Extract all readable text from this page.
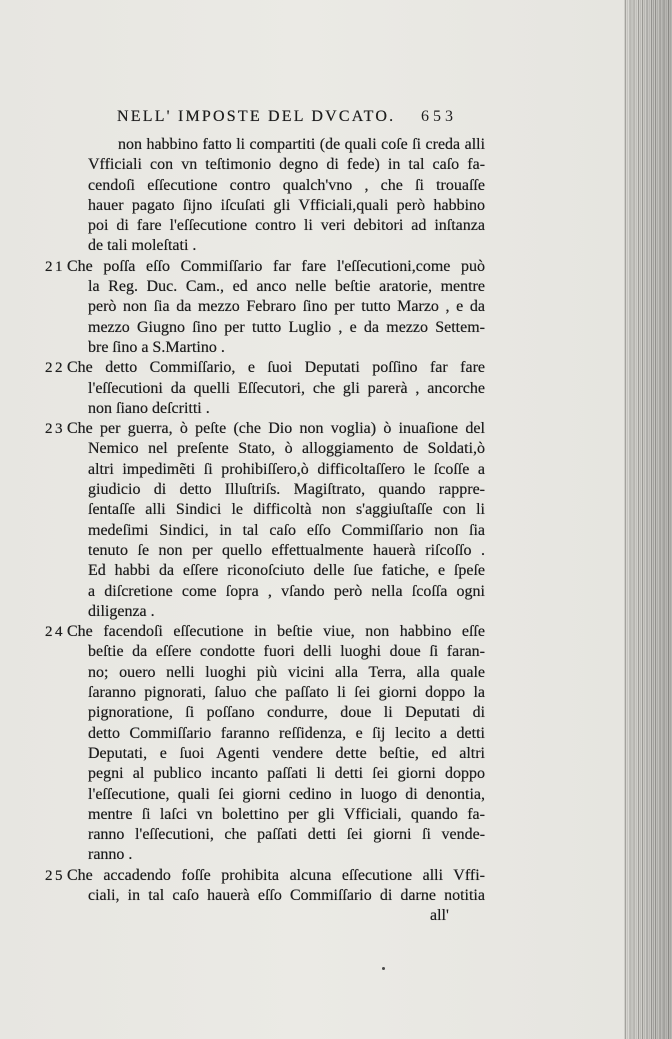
NELL' IMPOSTE DEL DVCATO. 653
non habbino fatto li compartiti (de quali coſe ſi creda alli
Vfficiali con vn teſtimonio degno di fede) in tal caſo fa-
cendoſi eſſecutione contro qualch'vno , che ſi trouaſſe
hauer pagato ſijno iſcuſati gli Vfficiali,quali però habbino
poi di fare l'eſſecutione contro li veri debitori ad inſtanza
de tali moleſtati .
21 Che poſſa eſſo Commiſſario far fare l'eſſecutioni,come può
la Reg. Duc. Cam., ed anco nelle beſtie aratorie, mentre
però non ſia da mezzo Febraro ſino per tutto Marzo , e da
mezzo Giugno ſino per tutto Luglio , e da mezzo Settem-
bre ſino a S.Martino .
22 Che detto Commiſſario, e ſuoi Deputati poſſino far fare
l'eſſecutioni da quelli Eſſecutori, che gli parerà , ancorche
non ſiano deſcritti .
23 Che per guerra, ò peſte (che Dio non voglia) ò inuaſione del
Nemico nel preſente Stato, ò alloggiamento de Soldati,ò
altri impedimẽti ſi prohibiſſero,ò difficoltaſſero le ſcoſſe a
giudicio di detto Illuſtriſs. Magiſtrato, quando rappre-
ſentaſſe alli Sindici le difficoltà non s'aggiuſtaſſe con li
medeſimi Sindici, in tal caſo eſſo Commiſſario non ſia
tenuto ſe non per quello effettualmente hauerà riſcoſſo .
Ed habbi da eſſere riconoſciuto delle ſue fatiche, e ſpeſe
a diſcretione come ſopra , vſando però nella ſcoſſa ogni
diligenza .
24 Che facendoſi eſſecutione in beſtie viue, non habbino eſſe
beſtie da eſſere condotte fuori delli luoghi doue ſi faran-
no; ouero nelli luoghi più vicini alla Terra, alla quale
ſaranno pignorati, ſaluo che paſſato li ſei giorni doppo la
pignoratione, ſi poſſano condurre, doue li Deputati di
detto Commiſſario faranno reſſidenza, e ſij lecito a detti
Deputati, e ſuoi Agenti vendere dette beſtie, ed altri
pegni al publico incanto paſſati li detti ſei giorni doppo
l'eſſecutione, quali ſei giorni cedino in luogo di denontia,
mentre ſi laſci vn bolettino per gli Vfficiali, quando fa-
ranno l'eſſecutioni, che paſſati detti ſei giorni ſi vende-
ranno .
25 Che accadendo foſſe prohibita alcuna eſſecutione alli Vffi-
ciali, in tal caſo hauerà eſſo Commiſſario di darne notitia
all'
